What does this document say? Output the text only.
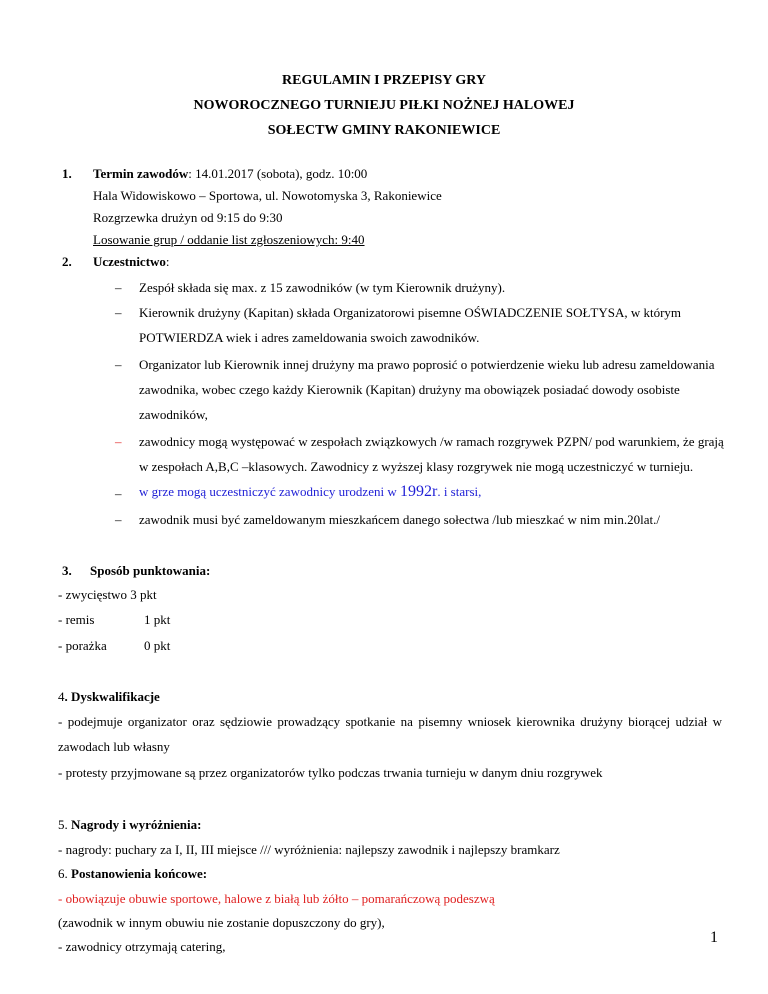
REGULAMIN I PRZEPISY GRY
NOWOROCZNEGO TURNIEJU PIŁKI NOŻNEJ HALOWEJ
SOŁECTW GMINY RAKONIEWICE
1. Termin zawodów: 14.01.2017 (sobota), godz. 10:00
Hala Widowiskowo – Sportowa, ul. Nowotomyska 3, Rakoniewice
Rozgrzewka drużyn od 9:15 do 9:30
Losowanie grup / oddanie list zgłoszeniowych: 9:40
2. Uczestnictwo:
– Zespół składa się max. z 15 zawodników (w tym Kierownik drużyny).
– Kierownik drużyny (Kapitan) składa Organizatorowi pisemne OŚWIADCZENIE SOŁTYSA, w którym
POTWIERDZA wiek i adres zameldowania swoich zawodników.
– Organizator lub Kierownik innej drużyny ma prawo poprosić o potwierdzenie wieku lub adresu zameldowania
zawodnika, wobec czego każdy Kierownik (Kapitan) drużyny ma obowiązek posiadać dowody osobiste
zawodników,
– zawodnicy mogą występować w zespołach związkowych /w ramach rozgrywek PZPN/ pod warunkiem, że grają
w zespołach A,B,C –klasowych. Zawodnicy z wyższej klasy rozgrywek nie mogą uczestniczyć w turnieju.
– w grze mogą uczestniczyć zawodnicy urodzeni w 1992r. i starsi,
– zawodnik musi być zameldowanym mieszkańcem danego sołectwa /lub mieszkać w nim min.20lat./
3. Sposób punktowania:
- zwycięstwo 3 pkt
- remis	1 pkt
- porażka	0 pkt
4. Dyskwalifikacje
- podejmuje organizator oraz sędziowie prowadzący spotkanie na pisemny wniosek kierownika drużyny biorącej udział w
zawodach lub własny
- protesty przyjmowane są przez organizatorów tylko podczas trwania turnieju w danym dniu rozgrywek
5. Nagrody i wyróżnienia:
- nagrody: puchary za I, II, III miejsce /// wyróżnienia: najlepszy zawodnik i najlepszy bramkarz
6. Postanowienia końcowe:
- obowiązuje obuwie sportowe, halowe z białą lub żółto – pomarańczową podeszwą
(zawodnik w innym obuwiu nie zostanie dopuszczony do gry),
- zawodnicy otrzymają catering,
1
